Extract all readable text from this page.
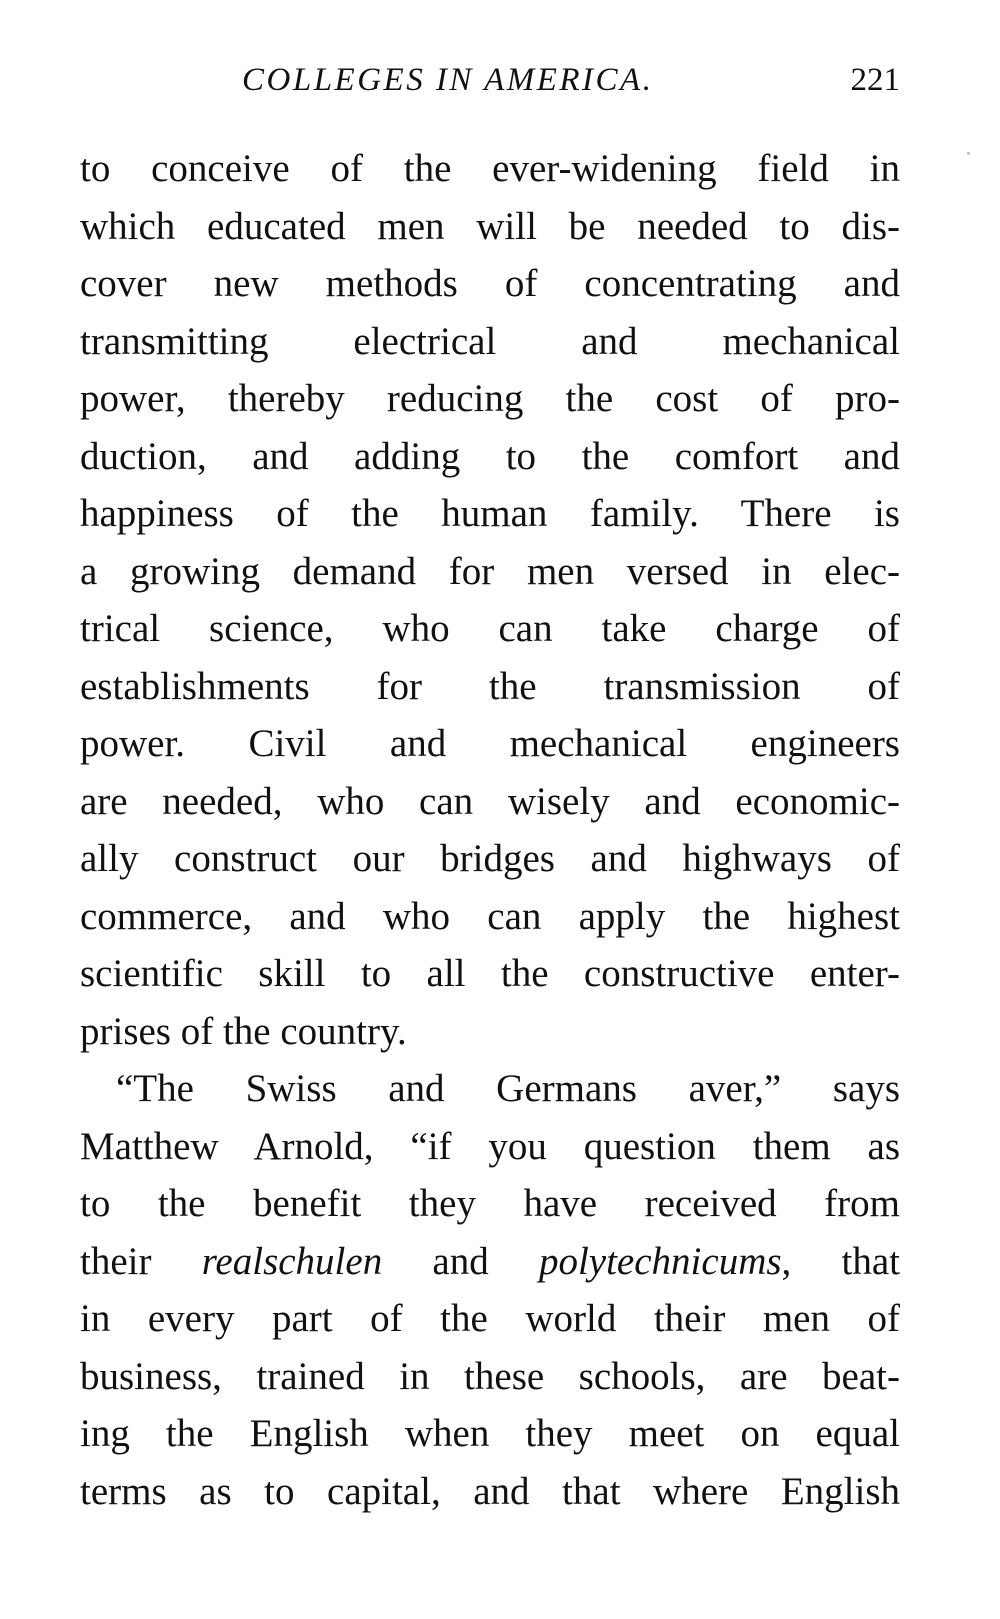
COLLEGES IN AMERICA.	221
to conceive of the ever-widening field in
which educated men will be needed to dis-
cover new methods of concentrating and
transmitting electrical and mechanical
power, thereby reducing the cost of pro-
duction, and adding to the comfort and
happiness of the human family. There is
a growing demand for men versed in elec-
trical science, who can take charge of
establishments for the transmission of
power. Civil and mechanical engineers
are needed, who can wisely and economic-
ally construct our bridges and highways of
commerce, and who can apply the highest
scientific skill to all the constructive enter-
prises of the country.
“The Swiss and Germans aver,” says
Matthew Arnold, “if you question them as
to the benefit they have received from
their realschulen and polytechnicums, that
in every part of the world their men of
business, trained in these schools, are beat-
ing the English when they meet on equal
terms as to capital, and that where English
